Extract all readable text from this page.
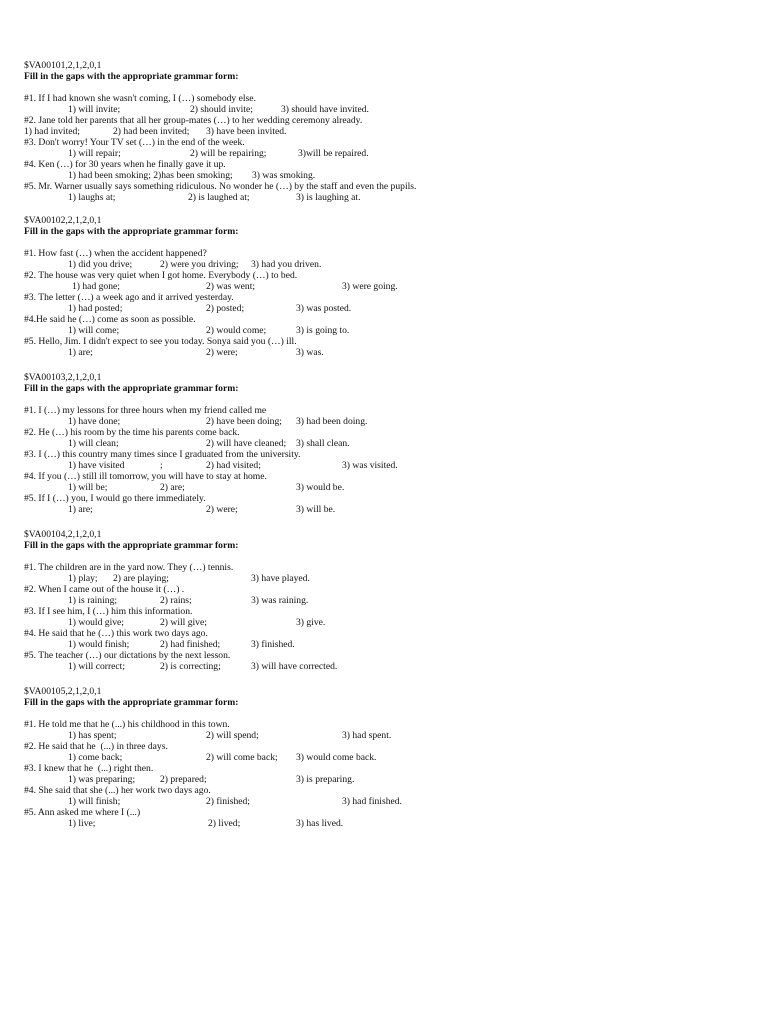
$VA00101,2,1,2,0,1
Fill in the gaps with the appropriate grammar form:
#1. If I had known she wasn't coming, I (…) somebody else.
1) will invite;	2) should invite;	3) should have invited.
#2. Jane told her parents that all her group-mates (…) to her wedding ceremony already.
1) had invited;	2) had been invited; 3) have been invited.
#3. Don't worry! Your TV set (…) in the end of the week.
1) will repair;	2) will be repairing;	3)will be repaired.
#4. Ken (…) for 30 years when he finally gave it up.
1) had been smoking; 2)has been smoking; 3) was smoking.
#5. Mr. Warner usually says something ridiculous. No wonder he (…) by the staff and even the pupils.
1) laughs at;	2) is laughed at;	3) is laughing at.
$VA00102,2,1,2,0,1
Fill in the gaps with the appropriate grammar form:
#1. How fast (…) when the accident happened?
1) did you drive;	2) were you driving; 3) had you driven.
#2. The house was very quiet when I got home. Everybody (…) to bed.
1) had gone;	2) was went;	3) were going.
#3. The letter (…) a week ago and it arrived yesterday.
1) had posted;	2) posted;	3) was posted.
#4.He said he (…) come as soon as possible.
1) will come;	2) would come;	3) is going to.
#5. Hello, Jim. I didn't expect to see you today. Sonya said you (…) ill.
1) are;	2) were;	3) was.
$VA00103,2,1,2,0,1
Fill in the gaps with the appropriate grammar form:
#1. I (…) my lessons for three hours when my friend called me
1) have done;	2) have been doing; 3) had been doing.
#2. He (…) his room by the time his parents come back.
1) will clean;	2) will have cleaned; 3) shall clean.
#3. I (…) this country many times since I graduated from the university.
1) have visited	;	2) had visited;	3) was visited.
#4. If you (…) still ill tomorrow, you will have to stay at home.
1) will be;	2) are;	3) would be.
#5. If I (…) you, I would go there immediately.
1) are;	2) were;	3) will be.
$VA00104,2,1,2,0,1
Fill in the gaps with the appropriate grammar form:
#1. The children are in the yard now. They (…) tennis.
1) play; 2) are playing;	3) have played.
#2. When I came out of the house it (…) .
1) is raining;	2) rains;	3) was raining.
#3. If I see him, I (…) him this information.
1) would give;	2) will give;	3) give.
#4. He said that he (…) this work two days ago.
1) would finish;	2) had finished;	3) finished.
#5. The teacher (…) our dictations by the next lesson.
1) will correct;	2) is correcting;	3) will have corrected.
$VA00105,2,1,2,0,1
Fill in the gaps with the appropriate grammar form:
#1. He told me that he (...) his childhood in this town.
1) has spent;	2) will spend;	3) had spent.
#2. He said that he  (...) in three days.
1) come back;	2) will come back; 3) would come back.
#3. I knew that he  (...) right then.
1) was preparing;	2) prepared;	3) is preparing.
#4. She said that she (...) her work two days ago.
1) will finish;	2) finished;	3) had finished.
#5. Ann asked me where I (...)
1) live;	2) lived;	3) has lived.
